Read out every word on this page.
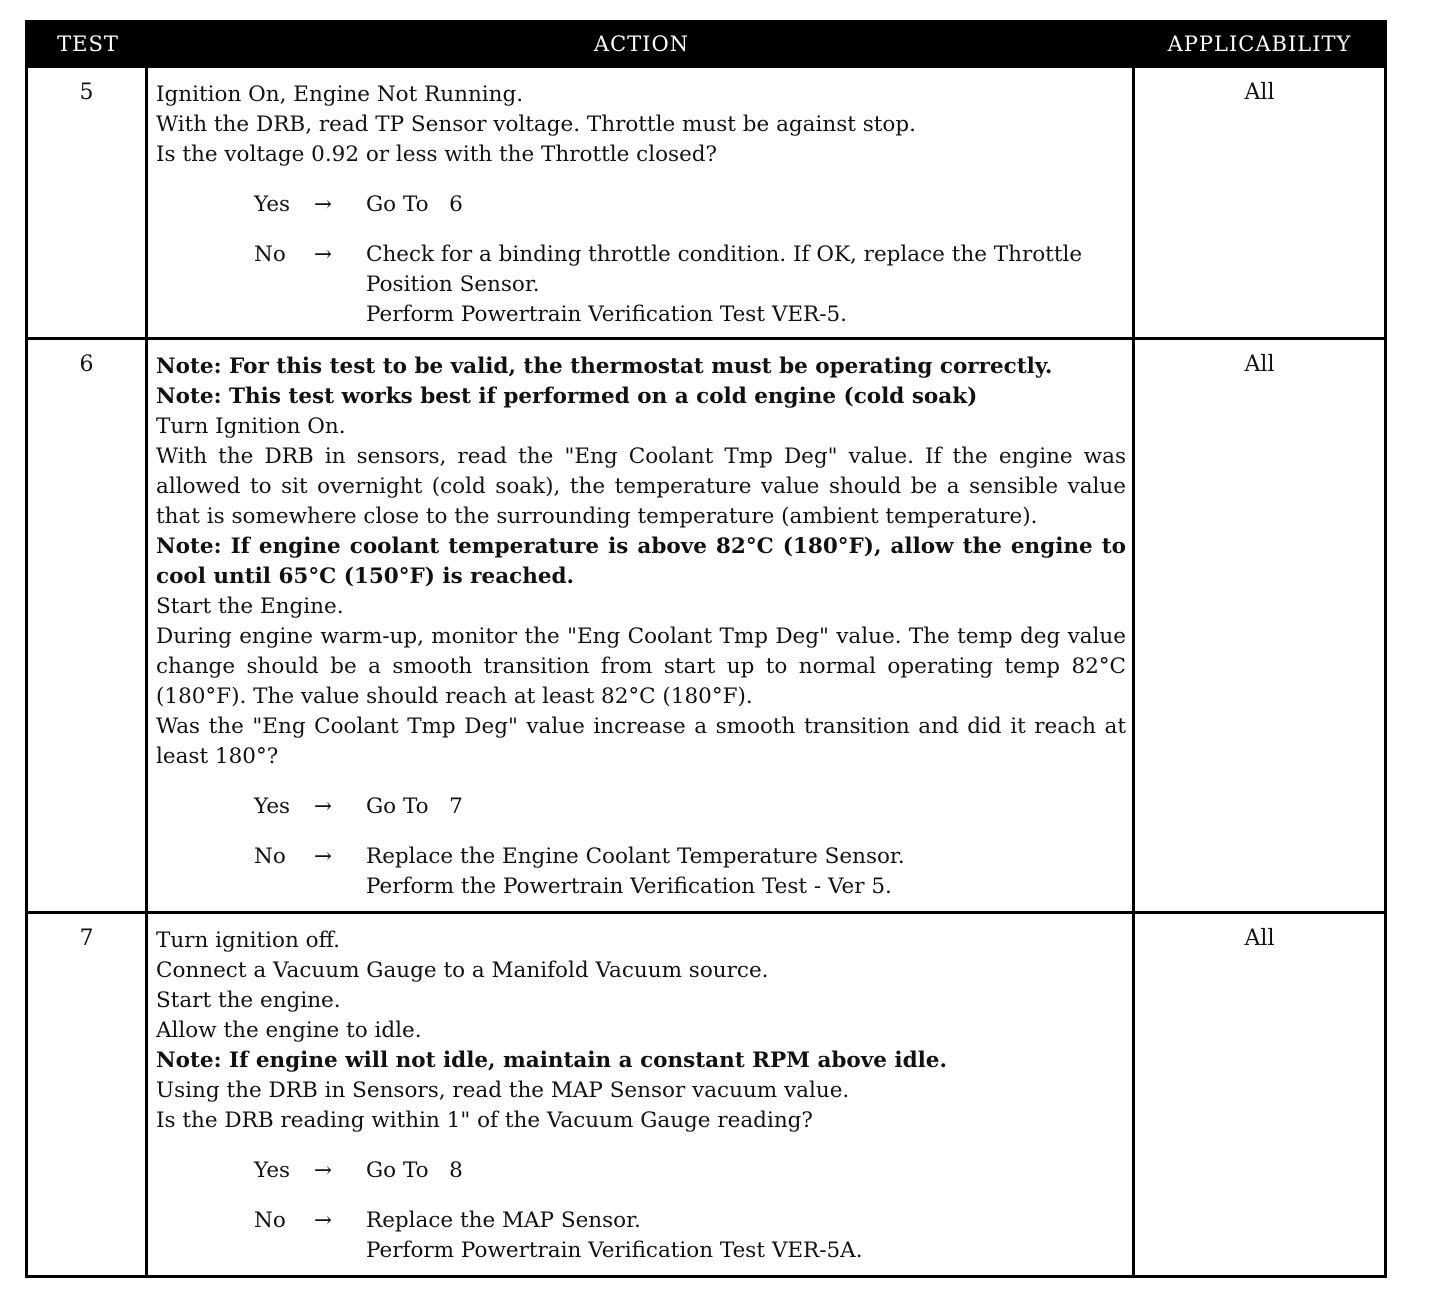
TEST	ACTION	APPLICABILITY
5	Ignition On, Engine Not Running.
With the DRB, read TP Sensor voltage. Throttle must be against stop.
Is the voltage 0.92 or less with the Throttle closed?
Yes	→	Go To   6
No	→	Check for a binding throttle condition. If OK, replace the Throttle
Position Sensor.
Perform Powertrain Verification Test VER-5.
All
6	Note: For this test to be valid, the thermostat must be operating correctly.
Note: This test works best if performed on a cold engine (cold soak)
Turn Ignition On.
With the DRB in sensors, read the "Eng Coolant Tmp Deg" value. If the engine was allowed to sit overnight (cold soak), the temperature value should be a sensible value that is somewhere close to the surrounding temperature (ambient temperature).
Note: If engine coolant temperature is above 82°C (180°F), allow the engine to cool until 65°C (150°F) is reached.
Start the Engine.
During engine warm-up, monitor the "Eng Coolant Tmp Deg" value. The temp deg value change should be a smooth transition from start up to normal operating temp 82°C (180°F). The value should reach at least 82°C (180°F).
Was the "Eng Coolant Tmp Deg" value increase a smooth transition and did it reach at least 180°?
Yes	→	Go To   7
No	→	Replace the Engine Coolant Temperature Sensor.
Perform the Powertrain Verification Test - Ver 5.
All
7	Turn ignition off.
Connect a Vacuum Gauge to a Manifold Vacuum source.
Start the engine.
Allow the engine to idle.
Note: If engine will not idle, maintain a constant RPM above idle.
Using the DRB in Sensors, read the MAP Sensor vacuum value.
Is the DRB reading within 1" of the Vacuum Gauge reading?
Yes	→	Go To   8
No	→	Replace the MAP Sensor.
Perform Powertrain Verification Test VER-5A.
All
